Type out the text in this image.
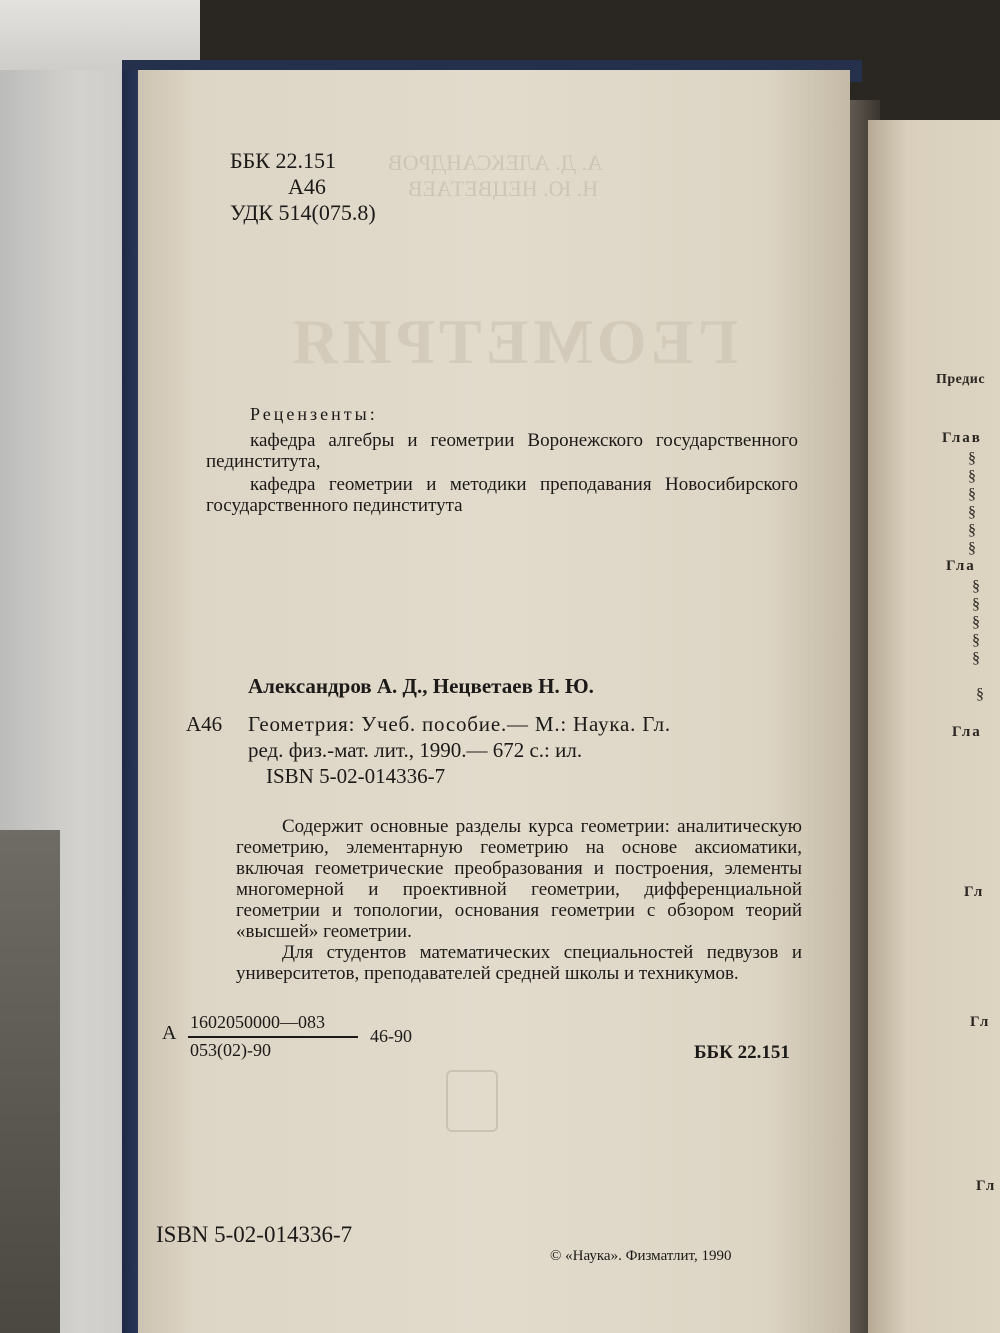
Предис
Глав
§
§
§
§
§
§
Гла
§
§
§
§
§
§
Гла
Гл
Гл
Гл
ГЕОМЕТРИЯ
А. Д. АЛЕКСАНДРОВ
Н. Ю. НЕЦВЕТАЕВ
ББК 22.151
А46
УДК 514(075.8)
Рецензенты:
кафедра алгебры и геометрии Воронежского государственного пединститута,
кафедра геометрии и методики преподавания Новосибирского государственного пединститута
Александров А. Д., Нецветаев Н. Ю.
А46 Геометрия: Учеб. пособие.— М.: Наука. Гл.
ред. физ.-мат. лит., 1990.— 672 с.: ил.
ISBN 5-02-014336-7
Содержит основные разделы курса геометрии: аналитическую геометрию, элементарную геометрию на основе аксиоматики, включая геометрические преобразования и построения, элементы многомерной и проективной геометрии, дифференциальной геометрии и топологии, основания геометрии с обзором теорий «высшей» геометрии.
Для студентов математических специальностей педвузов и университетов, преподавателей средней школы и техникумов.
А 1602050000—083
053(02)-90
46-90
ББК 22.151
ISBN 5-02-014336-7
© «Наука». Физматлит, 1990
